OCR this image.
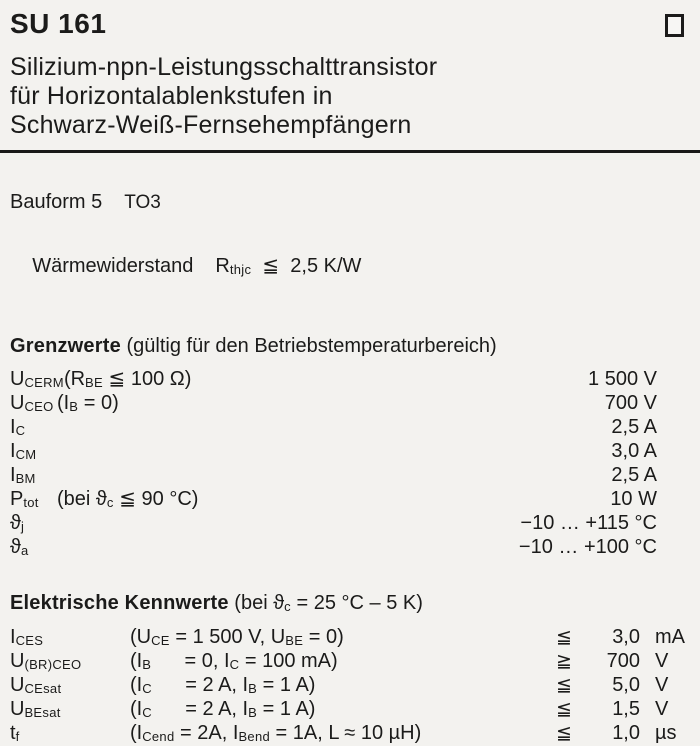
SU 161
Silizium-npn-Leistungsschalttransistor
für Horizontalablenkstufen in
Schwarz-Weiß-Fernsehempfängern
Bauform 5 TO3

Wärmewiderstand $R_{thjc}$  ≦  2,5 K/W

Grenzwerte (gültig für den Betriebstemperaturbereich)
$U_{CERM}$ ($R_{BE}$ ≦ 100 Ω)	1 500 V
$U_{CEO}$ $(I_B = 0)$	700 V
$I_C$	2,5 A
$I_{CM}$	3,0 A
$I_{BM}$	2,5 A
$P_{tot}$ (bei $ϑ_c$ ≦ 90 °C)	10 W
$ϑ_j$	−10 … +115 °C
$ϑ_a$	−10 … +100 °C
Elektrische Kennwerte (bei $ϑ_c = 25$ °C – 5 K)
$I_{CES}$	($U_{CE} = 1$ 500 V, $U_{BE} = 0$)	≦	3,0 mA
$U_{(BR)CEO}$	($I_B$      = 0, $I_C = 100$ mA)	≧	700 V
$U_{CEsat}$	($I_C$      = 2 A, $I_B = 1$ A)	≦	5,0 V
$U_{BEsat}$	($I_C$      = 2 A, $I_B = 1$ A)	≦	1,5 V
$t_f$	($I_{Cend} = 2A$, $I_{Bend} = 1A$, L ≈ 10 µH)	≦	1,0 µs
